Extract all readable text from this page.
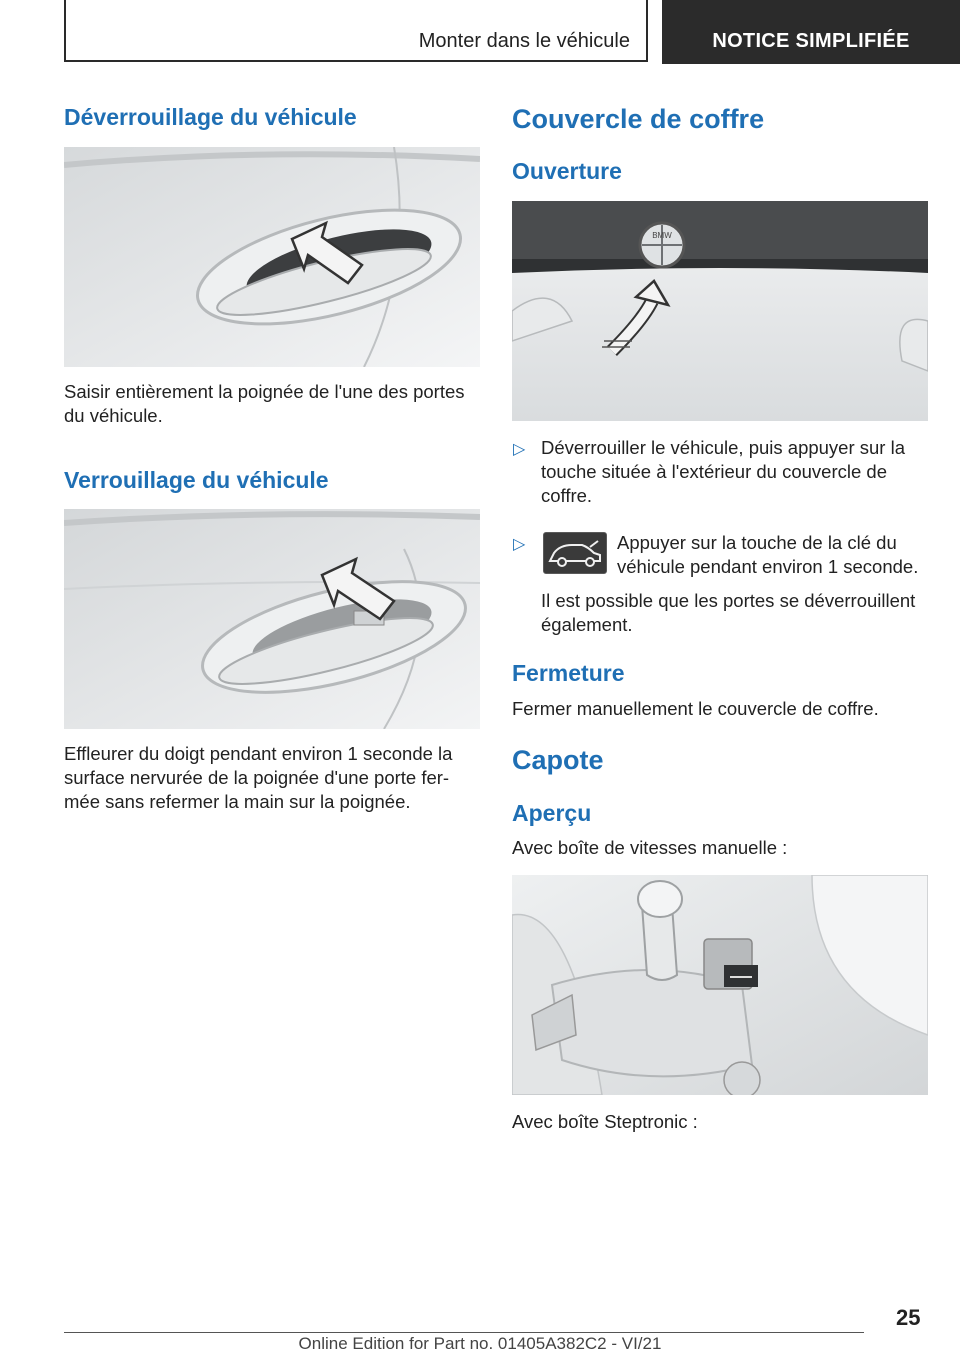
Monter dans le véhicule	NOTICE SIMPLIFIÉE
Déverrouillage du véhicule
Saisir entièrement la poignée de l'une des portes du véhicule.
Verrouillage du véhicule
Effleurer du doigt pendant environ 1 seconde la surface nervurée de la poignée d'une porte fer- mée sans refermer la main sur la poignée.
Couvercle de coffre
Ouverture
BMW
▷ Déverrouiller le véhicule, puis appuyer sur la touche située à l'extérieur du couvercle de coffre.
▷	Appuyer sur la touche de la clé du véhicule pendant environ 1 seconde.
Il est possible que les portes se déverrouillent également.
Fermeture
Fermer manuellement le couvercle de coffre.
Capote
Aperçu
Avec boîte de vitesses manuelle :
Avec boîte Steptronic :
25
Online Edition for Part no. 01405A382C2 - VI/21
